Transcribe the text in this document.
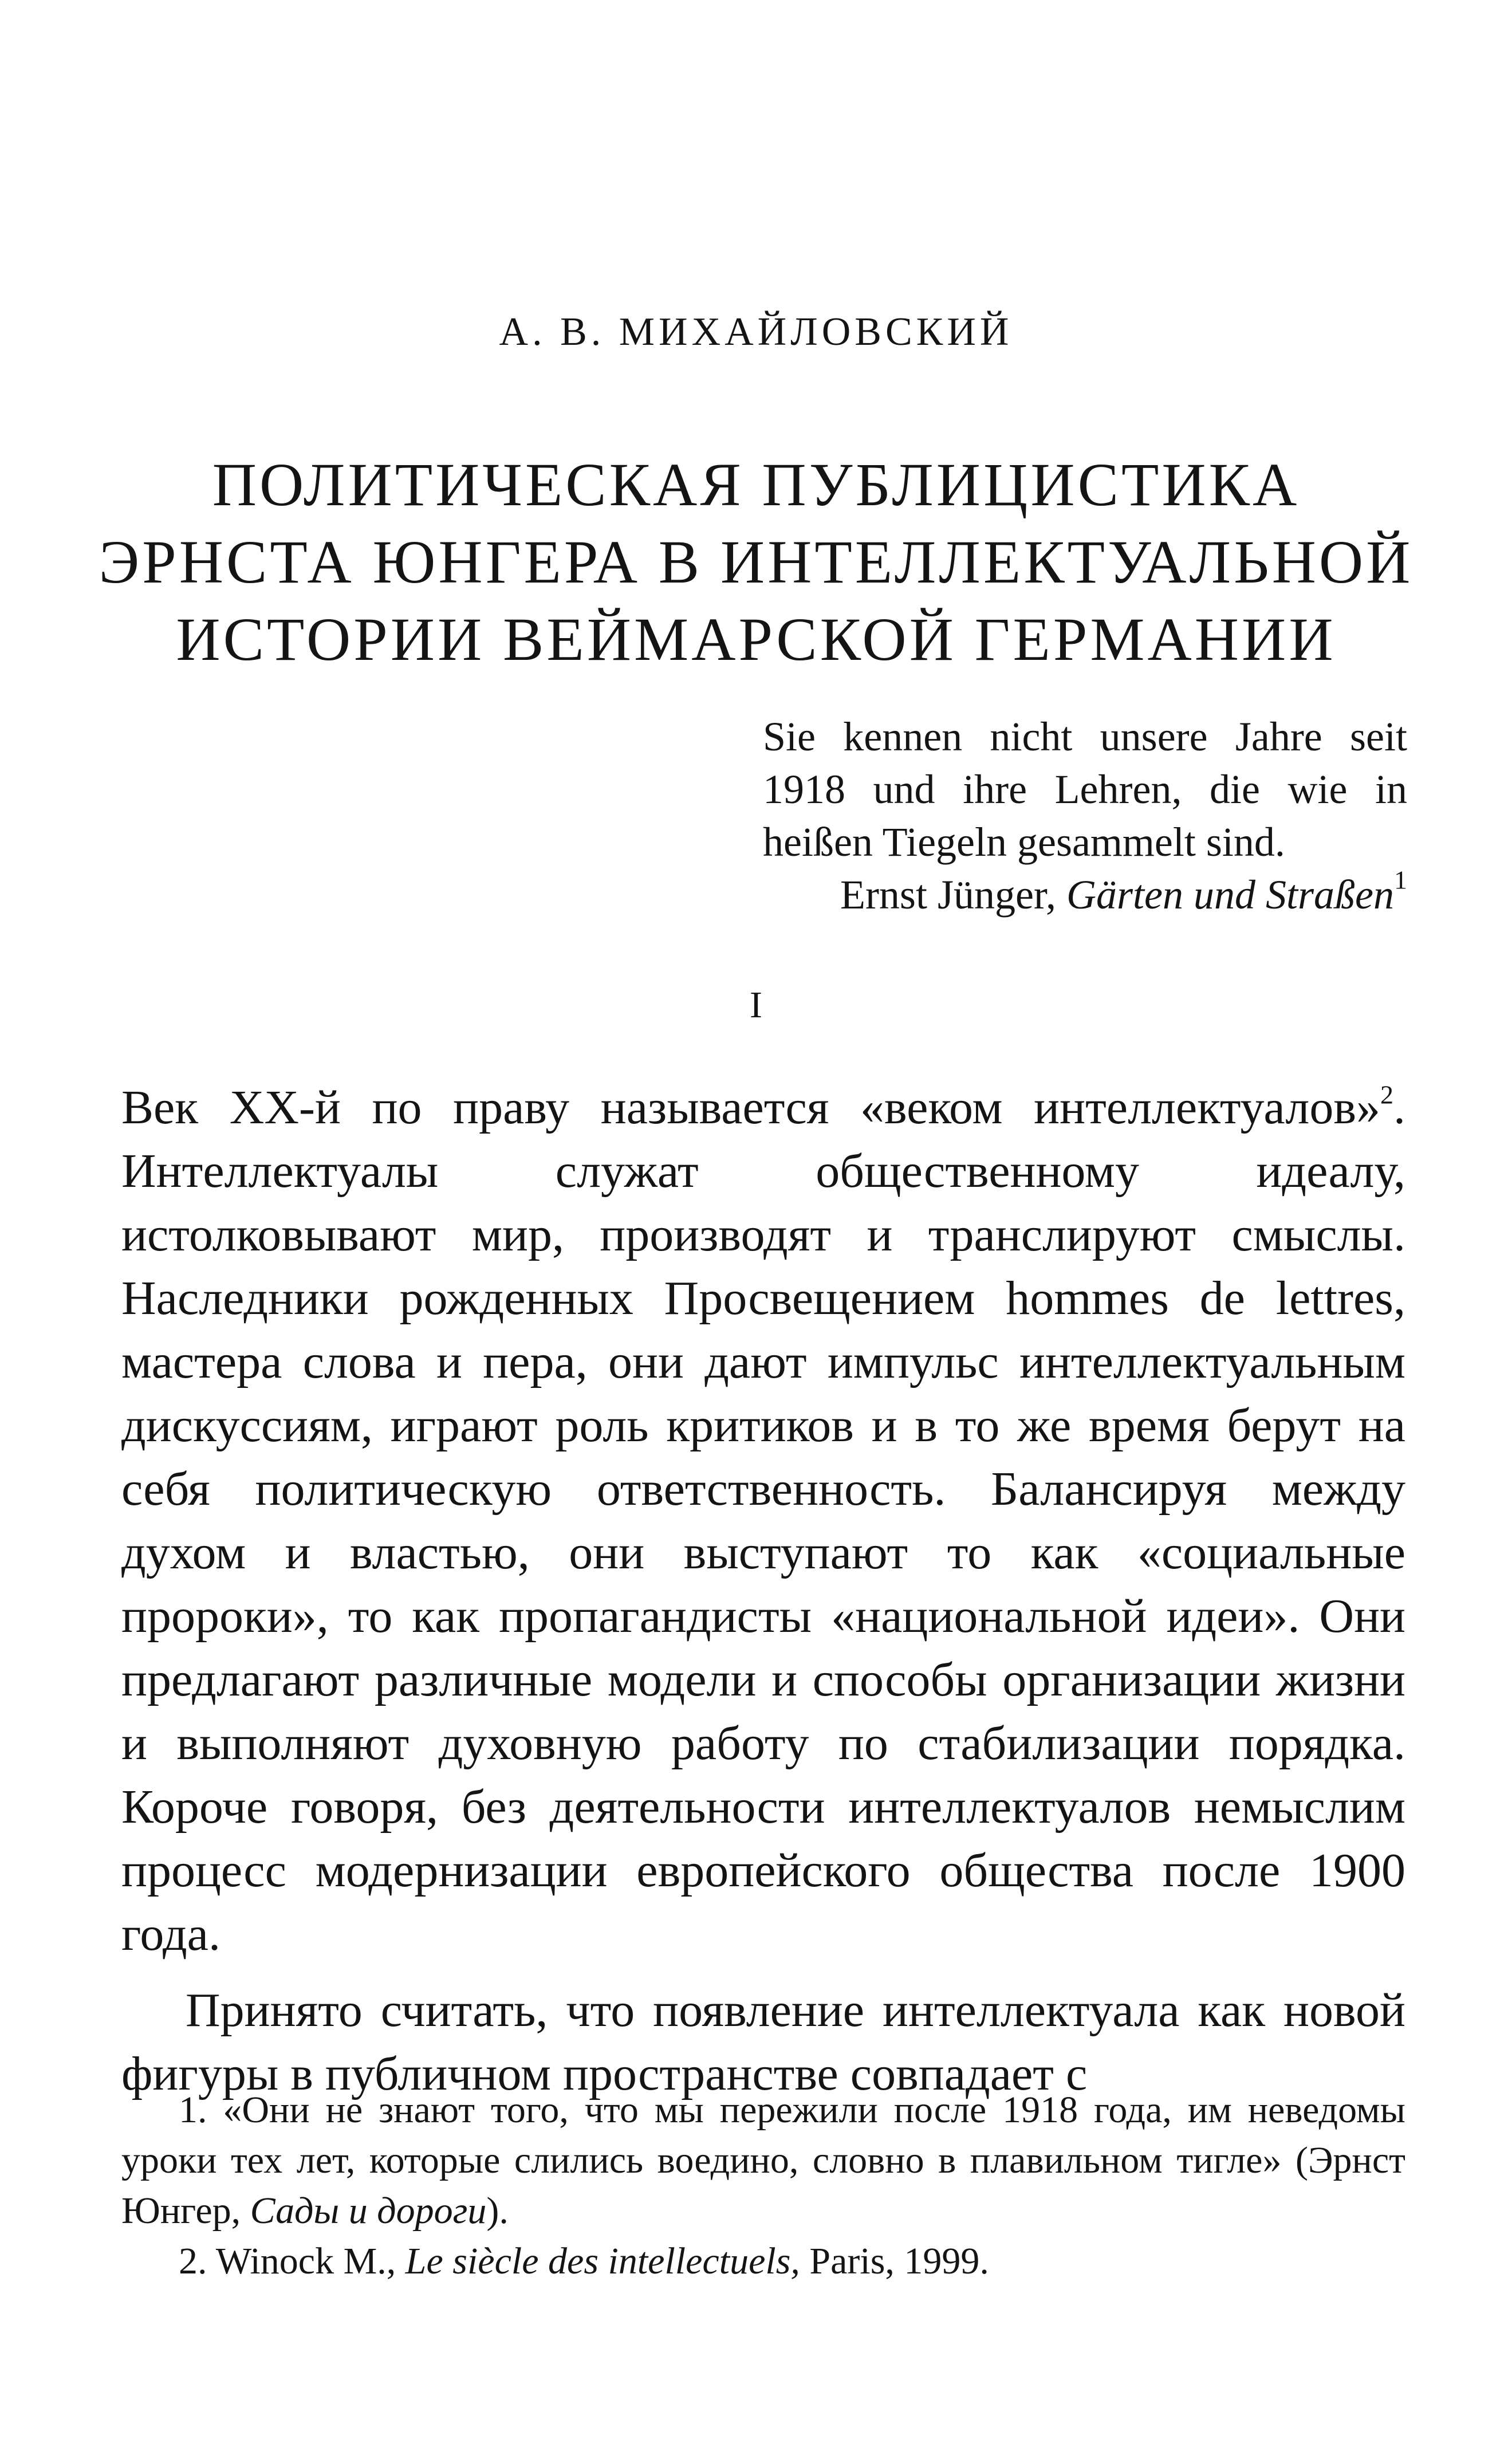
А. В. МИХАЙЛОВСКИЙ
ПОЛИТИЧЕСКАЯ ПУБЛИЦИСТИКА
ЭРНСТА ЮНГЕРА В ИНТЕЛЛЕКТУАЛЬНОЙ
ИСТОРИИ ВЕЙМАРСКОЙ ГЕРМАНИИ
Sie kennen nicht unsere Jahre seit 1918 und ihre Lehren, die wie in heißen Tiegeln gesammelt sind.
Ernst Jünger, Gärten und Straßen$^1$
I

Век XX-й по праву называется «веком интеллектуалов»$^2$. Интеллектуалы служат общественному идеалу, истолковывают мир, производят и транслируют смыслы. Наследники рожденных Просвещением hommes de lettres, мастера слова и пера, они дают импульс интеллектуальным дискуссиям, играют роль критиков и в то же время берут на себя политическую ответственность. Балансируя между духом и властью, они выступают то как «социальные пророки», то как пропагандисты «национальной идеи». Они предлагают различные модели и способы организации жизни и выполняют духовную работу по стабилизации порядка. Короче говоря, без деятельности интеллектуалов немыслим процесс модернизации европейского общества после 1900 года.

Принято считать, что появление интеллектуала как новой фигуры в публичном пространстве совпадает с

1. «Они не знают того, что мы пережили после 1918 года, им неведомы уроки тех лет, которые слились воедино, словно в плавильном тигле» (Эрнст Юнгер, Сады и дороги).

2. Winock M., Le siècle des intellectuels, Paris, 1999.
